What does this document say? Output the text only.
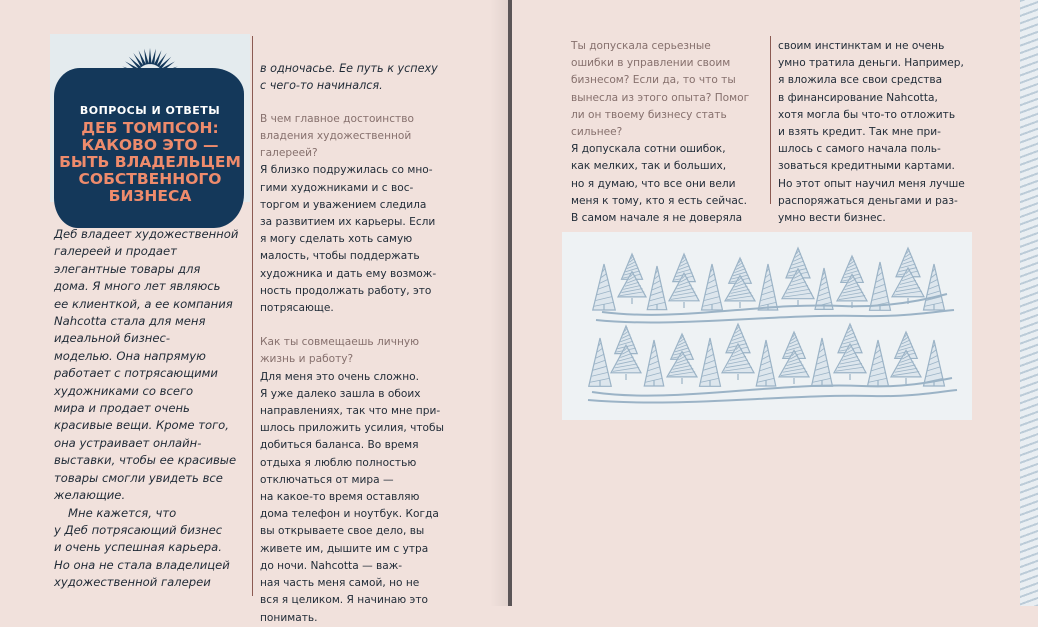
ВОПРОСЫ И ОТВЕТЫ
ДЕБ ТОМПСОН:
КАКОВО ЭТО —
БЫТЬ ВЛАДЕЛЬЦЕМ
СОБСТВЕННОГО
БИЗНЕСА
Деб владеет художественной
галереей и продает
элегантные товары для
дома. Я много лет являюсь
ее клиенткой, а ее компания
Nahcotta стала для меня
идеальной бизнес-
моделью. Она напрямую
работает с потрясающими
художниками со всего
мира и продает очень
красивые вещи. Кроме того,
она устраивает онлайн-
выставки, чтобы ее красивые
товары смогли увидеть все
желающие.
Мне кажется, что
у Деб потрясающий бизнес
и очень успешная карьера.
Но она не стала владелицей
художественной галереи
в одночасье. Ее путь к успеху
с чего-то начинался.
В чем главное достоинство
владения художественной
галереей?
Я близко подружилась со мно-
гими художниками и с вос-
торгом и уважением следила
за развитием их карьеры. Если
я могу сделать хоть самую
малость, чтобы поддержать
художника и дать ему возмож-
ность продолжать работу, это
потрясающе.
Как ты совмещаешь личную
жизнь и работу?
Для меня это очень сложно.
Я уже далеко зашла в обоих
направлениях, так что мне при-
шлось приложить усилия, чтобы
добиться баланса. Во время
отдыха я люблю полностью
отключаться от мира —
на какое-то время оставляю
дома телефон и ноутбук. Когда
вы открываете свое дело, вы
живете им, дышите им с утра
до ночи. Nahcotta — важ-
ная часть меня самой, но не
вся я целиком. Я начинаю это
понимать.
Ты допускала серьезные
ошибки в управлении своим
бизнесом? Если да, то что ты
вынесла из этого опыта? Помог
ли он твоему бизнесу стать
сильнее?
Я допускала сотни ошибок,
как мелких, так и больших,
но я думаю, что все они вели
меня к тому, кто я есть сейчас.
В самом начале я не доверяла
своим инстинктам и не очень
умно тратила деньги. Например,
я вложила все свои средства
в финансирование Nahcotta,
хотя могла бы что-то отложить
и взять кредит. Так мне при-
шлось с самого начала поль-
зоваться кредитными картами.
Но этот опыт научил меня лучше
распоряжаться деньгами и раз-
умно вести бизнес.
